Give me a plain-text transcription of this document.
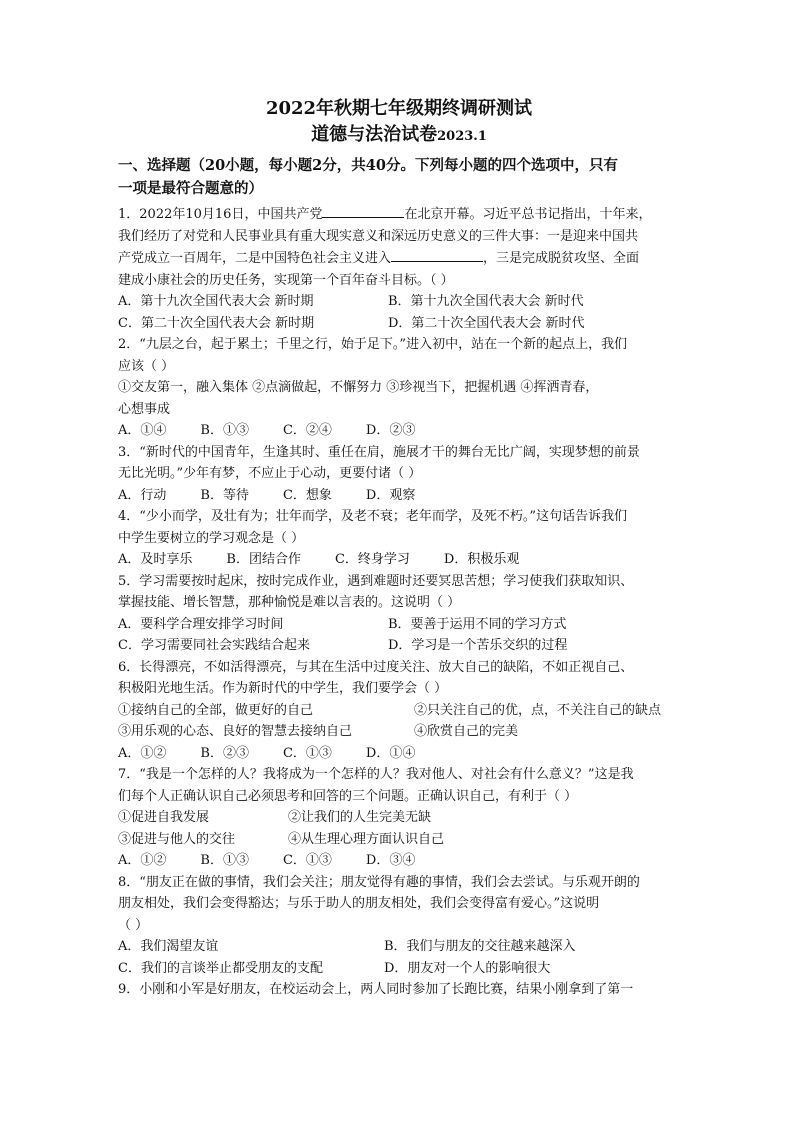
2022年秋期七年级期终调研测试

道德与法治试卷2023.1

一、选择题（20小题，每小题2分，共40分。下列每小题的四个选项中，只有
一项是最符合题意的）

1．2022年10月16日，中国共产党	在北京开幕。习近平总书记指出，十年来，

我们经历了对党和人民事业具有重大现实意义和深远历史意义的三件大事：一是迎来中国共

产党成立一百周年，二是中国特色社会主义进入	，三是完成脱贫攻坚、全面

建成小康社会的历史任务，实现第一个百年奋斗目标。（ ）

A．第十九次全国代表大会 新时期	B．第十九次全国代表大会 新时代
C．第二十次全国代表大会 新时期	D．第二十次全国代表大会 新时代

2．“九层之台，起于累土；千里之行，始于足下。”进入初中，站在一个新的起点上，我们

应该（ ）

①交友第一，融入集体 ②点滴做起，不懈努力 ③珍视当下，把握机遇 ④挥洒青春，

心想事成

A．①④	B．①③	C．②④	D．②③

3．“新时代的中国青年，生逢其时、重任在肩，施展才干的舞台无比广阔，实现梦想的前景

无比光明。”少年有梦，不应止于心动，更要付诸（ ）

A．行动	B．等待	C．想象	D．观察

4．“少小而学，及壮有为；壮年而学，及老不衰；老年而学，及死不朽。”这句话告诉我们

中学生要树立的学习观念是（ ）

A．及时享乐	B．团结合作	C．终身学习	D．积极乐观

5．学习需要按时起床，按时完成作业，遇到难题时还要冥思苦想；学习使我们获取知识、

掌握技能、增长智慧，那种愉悦是难以言表的。这说明（ ）

A．要科学合理安排学习时间	B．要善于运用不同的学习方式
C．学习需要同社会实践结合起来	D．学习是一个苦乐交织的过程

6．长得漂亮，不如活得漂亮，与其在生活中过度关注、放大自己的缺陷，不如正视自己、

积极阳光地生活。作为新时代的中学生，我们要学会（ ）

①接纳自己的全部，做更好的自己	②只关注自己的优，点，不关注自己的缺点
③用乐观的心态、良好的智慧去接纳自己	④欣赏自己的完美
A．①②	B．②③	C．①③	D．①④

7．“我是一个怎样的人？我将成为一个怎样的人？我对他人、对社会有什么意义？”这是我

们每个人正确认识自己必须思考和回答的三个问题。正确认识自己，有利于（ ）

①促进自我发展	②让我们的人生完美无缺
③促进与他人的交往	④从生理心理方面认识自己
A．①②	B．①③	C．①③	D．③④

8．“朋友正在做的事情，我们会关注；朋友觉得有趣的事情，我们会去尝试。与乐观开朗的

朋友相处，我们会变得豁达；与乐于助人的朋友相处，我们会变得富有爱心。”这说明

（ ）

A．我们渴望友谊	B．我们与朋友的交往越来越深入
C．我们的言谈举止都受朋友的支配	D．朋友对一个人的影响很大

9．小刚和小军是好朋友，在校运动会上，两人同时参加了长跑比赛，结果小刚拿到了第一
